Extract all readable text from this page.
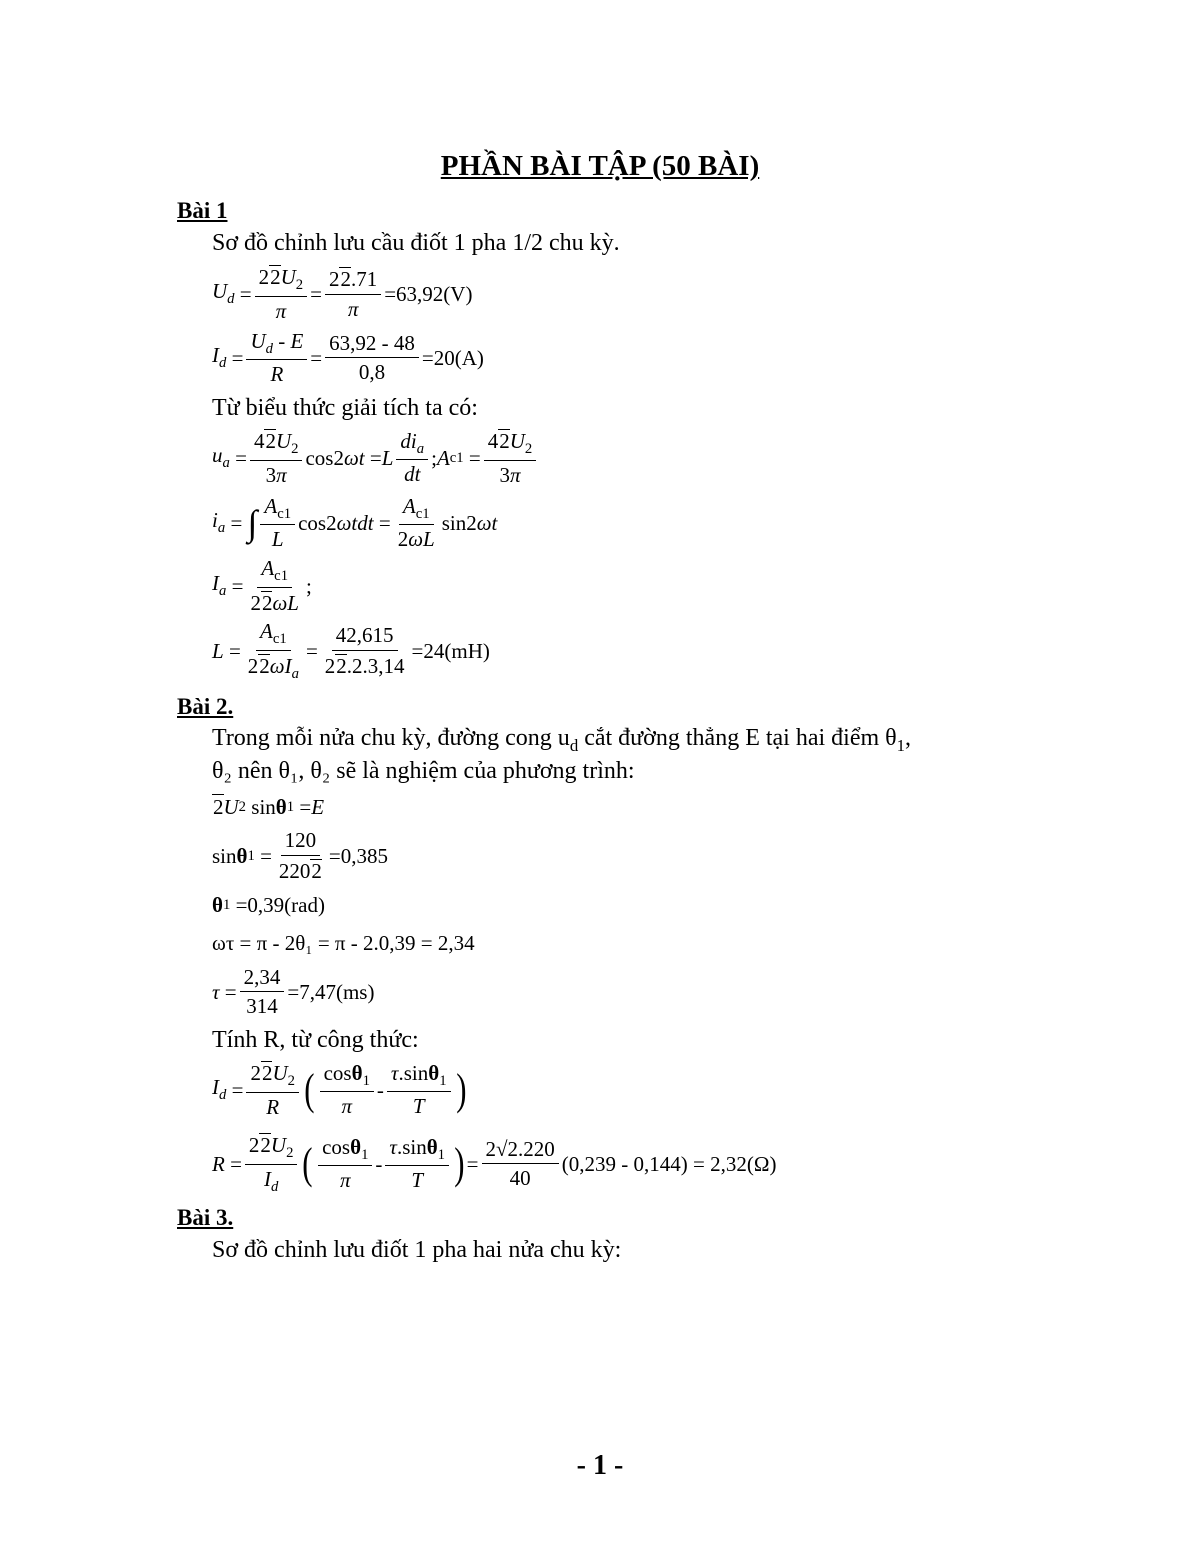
PHẦN BÀI TẬP (50 BÀI)
Bài 1
Sơ đồ chỉnh lưu cầu điốt 1 pha 1/2 chu kỳ.
$U_d = \frac{22U_2}{\pi} = \frac{22.71}{\pi} =63,92(V)$
$I_d = \frac{U_d - E}{R} = \frac{63,92 - 48}{0,8} =20(A)$
Từ biểu thức giải tích ta có:
$u_a = \frac{42U_2}{3\pi} \cos 2$ ωt = L $\frac{di_a}{dt}$ ; A $c1 = \frac{42U_2}{3\pi}$
$i_a$ = ∫ $\frac{A_{c1}}{L} \cos 2$ $\omega tdt = \frac{A_{c1}}{2\omega L} \sin 2$ ωt
$I_a = \frac{A_{c1}}{22\omega L}$ ;
$L = \frac{A_{c1}}{22\omega I_a} = \frac{42,615}{22.2.3,14} =24(mH)$
Bài 2.
Trong mỗi nửa chu kỳ, đường cong $u_d$ cắt đường thẳng E tại hai điểm $\theta_1$,
θ₂ nên θ₁, θ₂ sẽ là nghiệm của phương trình:
2 U 2 sin θ 1 = E
sin θ $1 = \frac{120}{2202} =0,385$
θ 1
=0,39(rad)
ωτ = π - 2θ₁ = π - 2.0,39 = 2,34
$\tau = \frac{2,34}{314} =7,47(ms)$
Tính R, từ công thức:
$I_d = \frac{22U_2}{R}$ ( $\frac{\cos\theta_1}{\pi} - \frac{\tau.\sin\theta_1}{T}$ )
$R = \frac{22U_2}{I_d}$ ( $\frac{\cos\theta_1}{\pi} - \frac{\tau.\sin\theta_1}{T}$ ) = $\frac{2√2.220}{40} (0,239 - 0,144) = 2,32(\Omega)$
Bài 3.
Sơ đồ chỉnh lưu điốt 1 pha hai nửa chu kỳ:
- 1 -
